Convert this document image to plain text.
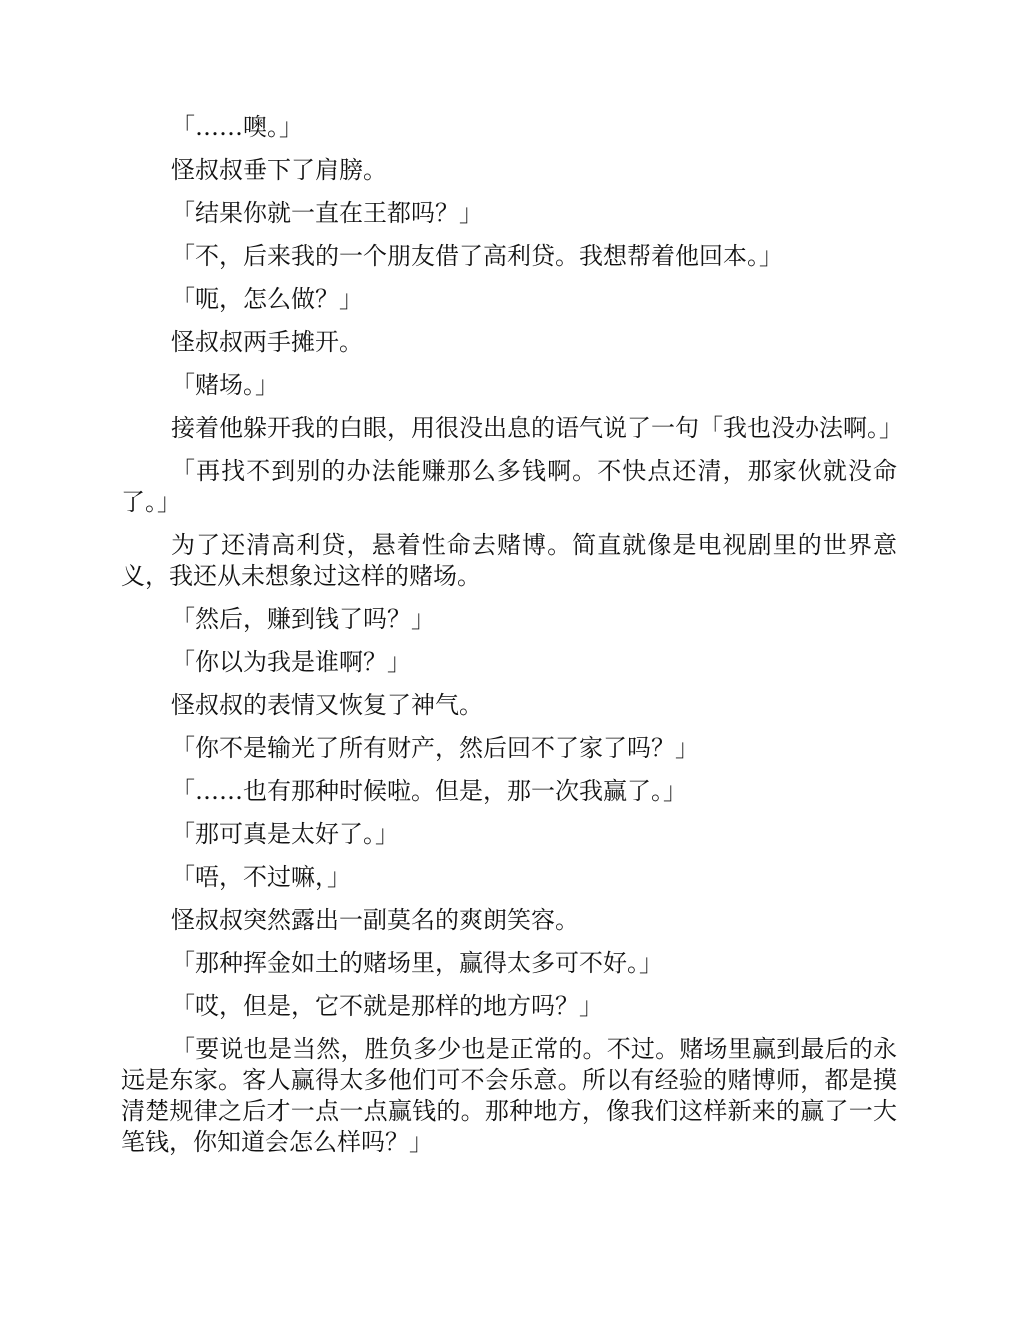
「……噢。」

怪叔叔垂下了肩膀。

「结果你就一直在王都吗？」

「不，后来我的一个朋友借了高利贷。我想帮着他回本。」

「呃，怎么做？」

怪叔叔两手摊开。

「赌场。」

接着他躲开我的白眼，用很没出息的语气说了一句「我也没办法啊。」

「再找不到别的办法能赚那么多钱啊。不快点还清，那家伙就没命了。」

为了还清高利贷，悬着性命去赌博。简直就像是电视剧里的世界意义，我还从未想象过这样的赌场。

「然后，赚到钱了吗？」

「你以为我是谁啊？」

怪叔叔的表情又恢复了神气。

「你不是输光了所有财产，然后回不了家了吗？」

「……也有那种时候啦。但是，那一次我赢了。」

「那可真是太好了。」

「唔，不过嘛，」

怪叔叔突然露出一副莫名的爽朗笑容。

「那种挥金如土的赌场里，赢得太多可不好。」

「哎，但是，它不就是那样的地方吗？」

「要说也是当然，胜负多少也是正常的。不过。赌场里赢到最后的永远是东家。客人赢得太多他们可不会乐意。所以有经验的赌博师，都是摸清楚规律之后才一点一点赢钱的。那种地方，像我们这样新来的赢了一大笔钱，你知道会怎么样吗？」
